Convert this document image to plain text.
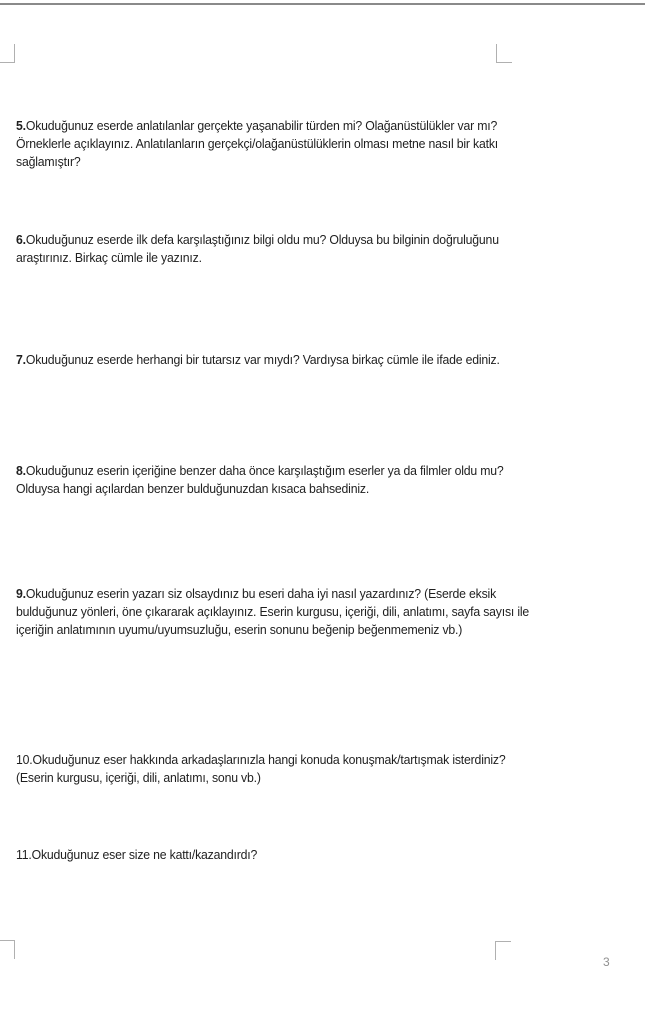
5.Okuduğunuz eserde anlatılanlar gerçekte yaşanabilir türden mi? Olağanüstülükler var mı?
Örneklerle açıklayınız. Anlatılanların gerçekçi/olağanüstülüklerin olması metne nasıl bir katkı
sağlamıştır?
6.Okuduğunuz eserde ilk defa karşılaştığınız bilgi oldu mu? Olduysa bu bilginin doğruluğunu
araştırınız. Birkaç cümle ile yazınız.
7.Okuduğunuz eserde herhangi bir tutarsız var mıydı? Vardıysa birkaç cümle ile ifade ediniz.
8.Okuduğunuz eserin içeriğine benzer daha önce karşılaştığım eserler ya da filmler oldu mu?
Olduysa hangi açılardan benzer bulduğunuzdan kısaca bahsediniz.
9.Okuduğunuz eserin yazarı siz olsaydınız bu eseri daha iyi nasıl yazardınız? (Eserde eksik
bulduğunuz yönleri, öne çıkararak açıklayınız. Eserin kurgusu, içeriği, dili, anlatımı, sayfa sayısı ile
içeriğin anlatımının uyumu/uyumsuzluğu, eserin sonunu beğenip beğenmemeniz vb.)
10.Okuduğunuz eser hakkında arkadaşlarınızla hangi konuda konuşmak/tartışmak isterdiniz?
(Eserin kurgusu, içeriği, dili, anlatımı, sonu vb.)
11.Okuduğunuz eser size ne kattı/kazandırdı?
3
